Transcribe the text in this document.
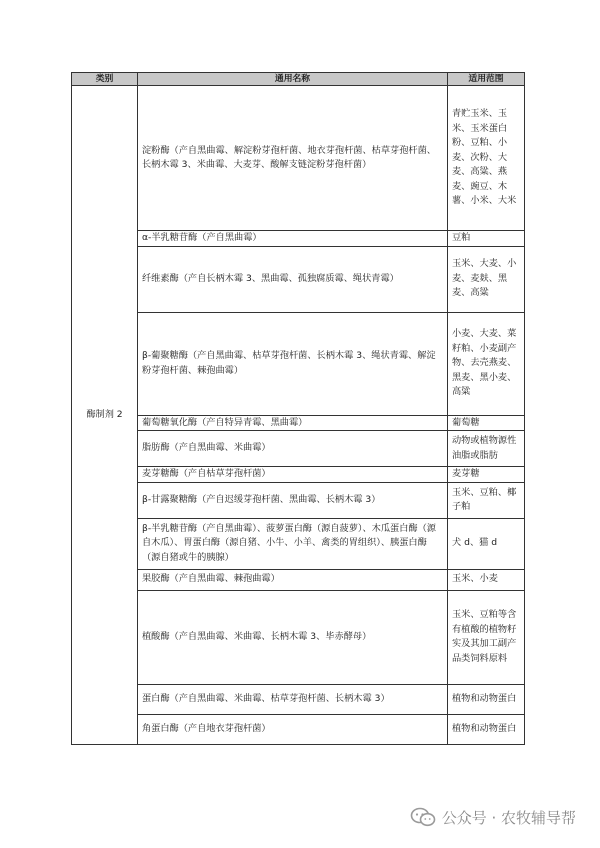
类别	通用名称	适用范围
酶制剂 2	淀粉酶（产自黑曲霉、解淀粉芽孢杆菌、地衣芽孢杆菌、枯草芽孢杆菌、长柄木霉 3、米曲霉、大麦芽、酸解支链淀粉芽孢杆菌）	青贮玉米、玉米、玉米蛋白粉、豆粕、小麦、次粉、大麦、高粱、燕麦、豌豆、木薯、小米、大米
	α-半乳糖苷酶（产自黑曲霉）	豆粕
	纤维素酶（产自长柄木霉 3、黑曲霉、孤独腐质霉、绳状青霉）	玉米、大麦、小麦、麦麸、黑麦、高粱
	β-葡聚糖酶（产自黑曲霉、枯草芽孢杆菌、长柄木霉 3、绳状青霉、解淀粉芽孢杆菌、棘孢曲霉）	小麦、大麦、菜籽粕、小麦副产物、去壳燕麦、黑麦、黑小麦、高粱
	葡萄糖氧化酶（产自特异青霉、黑曲霉）	葡萄糖
	脂肪酶（产自黑曲霉、米曲霉）	动物或植物源性油脂或脂肪
	麦芽糖酶（产自枯草芽孢杆菌）	麦芽糖
	β-甘露聚糖酶（产自迟缓芽孢杆菌、黑曲霉、长柄木霉 3）	玉米、豆粕、椰子粕
	β-半乳糖苷酶（产自黑曲霉）、菠萝蛋白酶（源自菠萝）、木瓜蛋白酶（源自木瓜）、胃蛋白酶（源自猪、小牛、小羊、禽类的胃组织）、胰蛋白酶（源自猪或牛的胰腺）	犬 d、猫 d
	果胶酶（产自黑曲霉、棘孢曲霉）	玉米、小麦
	植酸酶（产自黑曲霉、米曲霉、长柄木霉 3、毕赤酵母）	玉米、豆粕等含有植酸的植物籽实及其加工副产品类饲料原料
	蛋白酶（产自黑曲霉、米曲霉、枯草芽孢杆菌、长柄木霉 3）	植物和动物蛋白
	角蛋白酶（产自地衣芽孢杆菌）	植物和动物蛋白
公众号 · 农牧辅导帮
